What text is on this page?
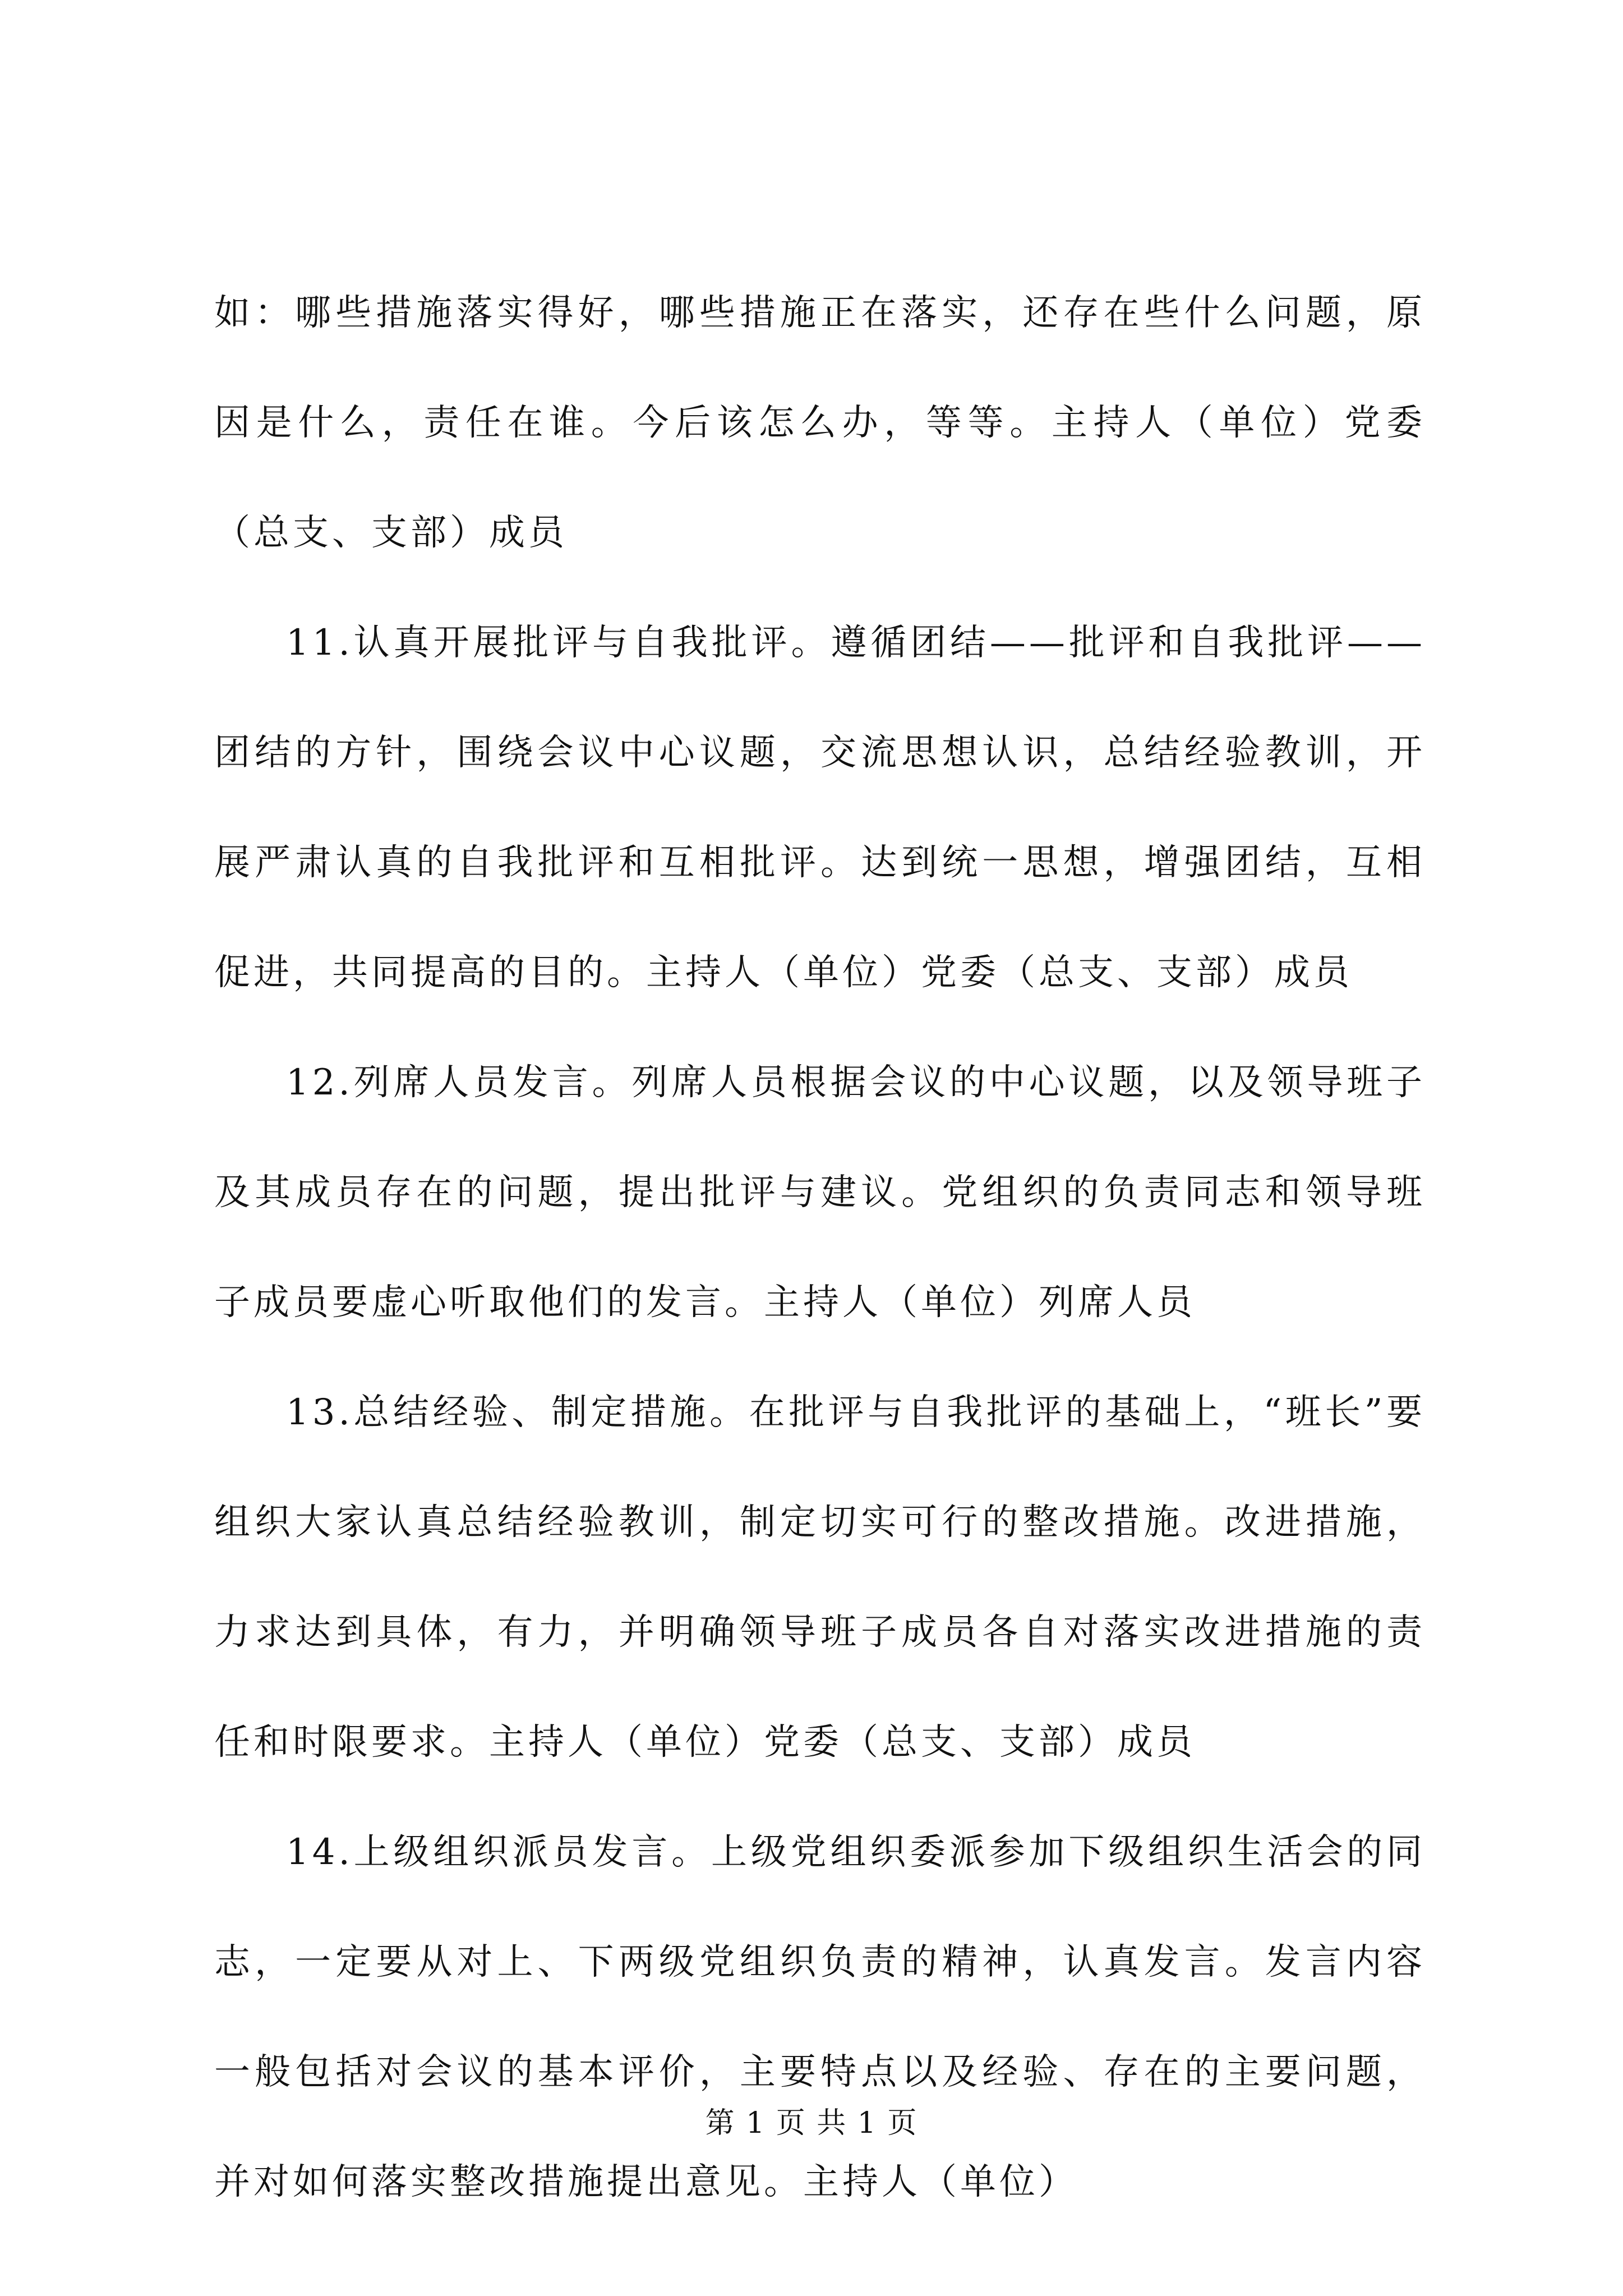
如：哪些措施落实得好，哪些措施正在落实，还存在些什么问题，原因是什么，责任在谁。今后该怎么办，等等。主持人（单位）党委（总支、支部）成员

11.认真开展批评与自我批评。遵循团结——批评和自我批评——团结的方针，围绕会议中心议题，交流思想认识，总结经验教训，开展严肃认真的自我批评和互相批评。达到统一思想，增强团结，互相促进，共同提高的目的。主持人（单位）党委（总支、支部）成员

12.列席人员发言。列席人员根据会议的中心议题，以及领导班子及其成员存在的问题，提出批评与建议。党组织的负责同志和领导班子成员要虚心听取他们的发言。主持人（单位）列席人员

13.总结经验、制定措施。在批评与自我批评的基础上，“班长”要组织大家认真总结经验教训，制定切实可行的整改措施。改进措施，力求达到具体，有力，并明确领导班子成员各自对落实改进措施的责任和时限要求。主持人（单位）党委（总支、支部）成员

14.上级组织派员发言。上级党组织委派参加下级组织生活会的同志，一定要从对上、下两级党组织负责的精神，认真发言。发言内容一般包括对会议的基本评价，主要特点以及经验、存在的主要问题，并对如何落实整改措施提出意见。主持人（单位）

第 1 页 共 1 页
